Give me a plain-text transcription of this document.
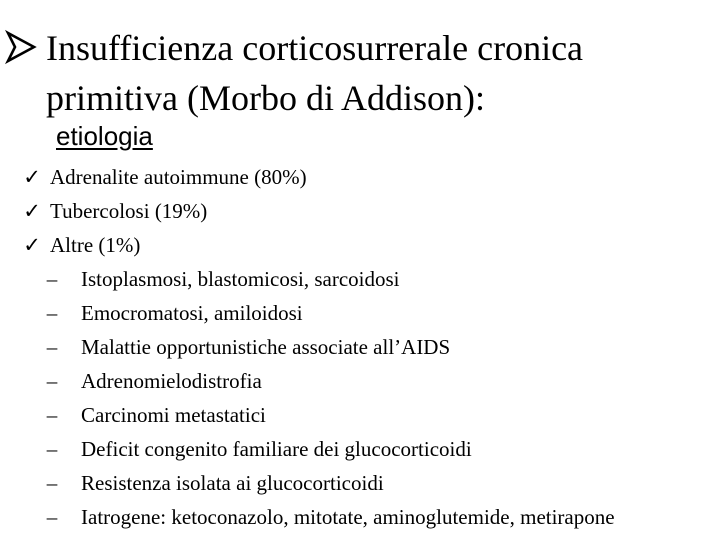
Insufficienza corticosurrerale cronica
primitiva (Morbo di Addison):
etiologia
✓ Adrenalite autoimmune (80%)
✓ Tubercolosi (19%)
✓ Altre (1%)
–	Istoplasmosi, blastomicosi, sarcoidosi
–	Emocromatosi, amiloidosi
–	Malattie opportunistiche associate all’AIDS
–	Adrenomielodistrofia
–	Carcinomi metastatici
–	Deficit congenito familiare dei glucocorticoidi
–	Resistenza isolata ai glucocorticoidi
–	Iatrogene: ketoconazolo, mitotate, aminoglutemide, metirapone
